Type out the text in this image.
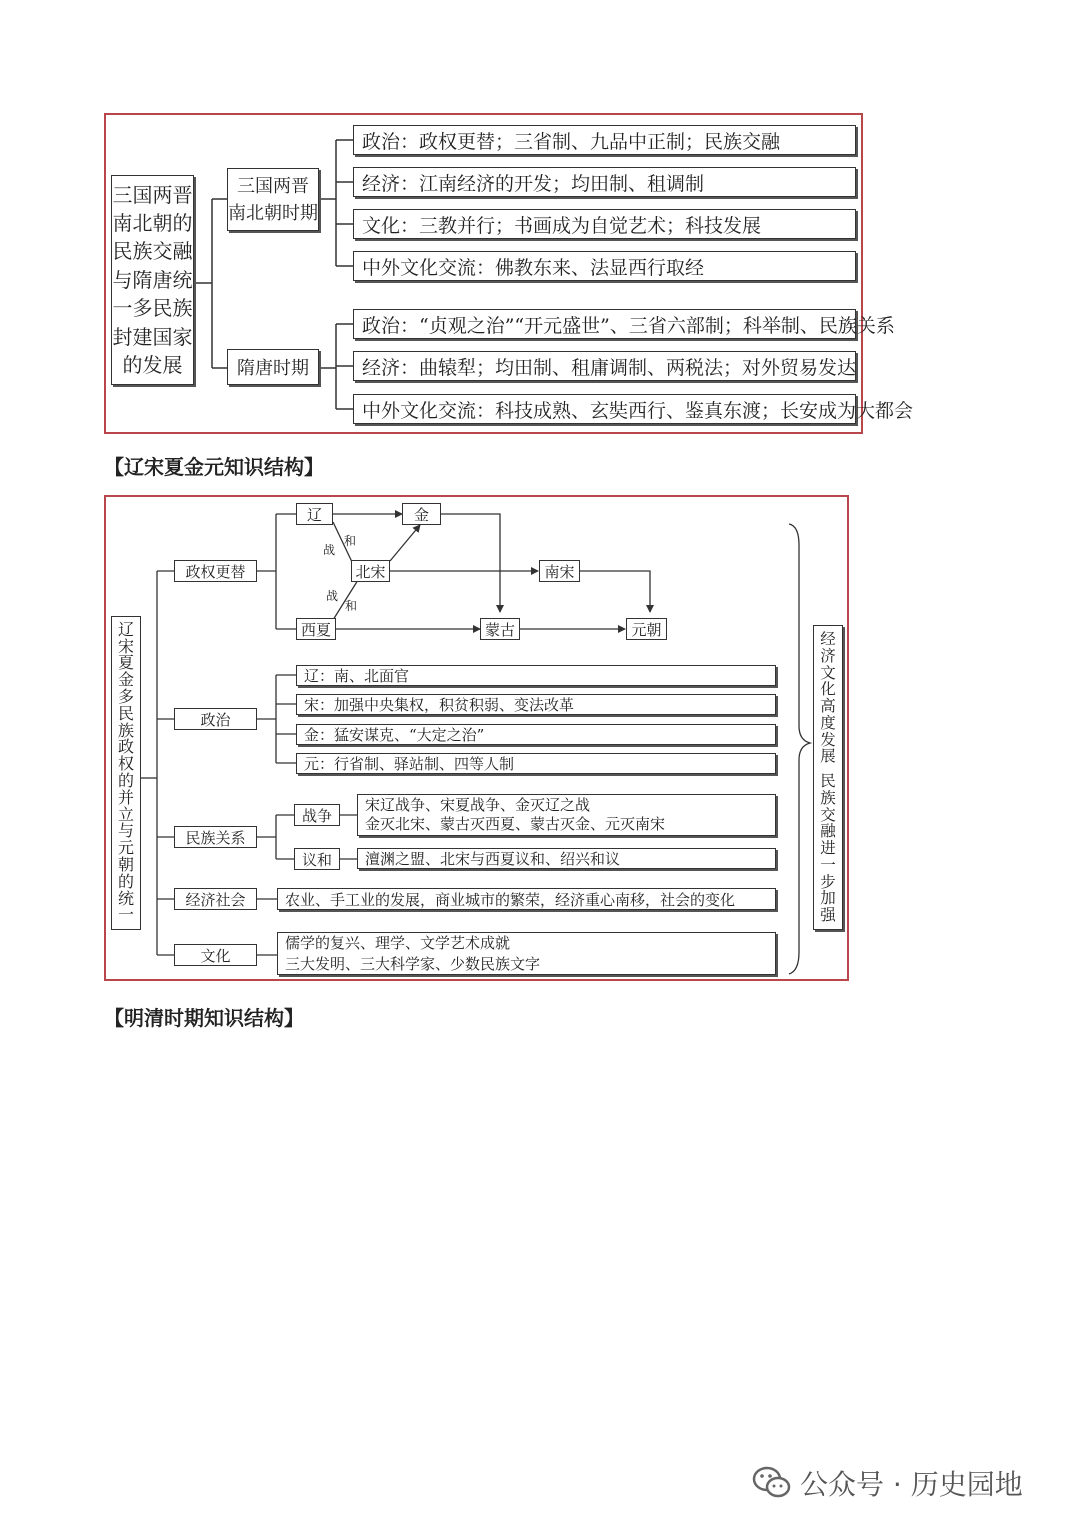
三国两晋
南北朝的
民族交融
与隋唐统
一多民族
封建国家
的发展
三国两晋
南北朝时期
隋唐时期
政治：政权更替；三省制、九品中正制；民族交融
经济：江南经济的开发；均田制、租调制
文化：三教并行；书画成为自觉艺术；科技发展
中外文化交流：佛教东来、法显西行取经
政治：“贞观之治”“开元盛世”、三省六部制；科举制、民族关系
经济：曲辕犁；均田制、租庸调制、两税法；对外贸易发达
中外文化交流：科技成熟、玄奘西行、鉴真东渡；长安成为大都会
【辽宋夏金元知识结构】
辽
宋
夏
金
多
民
族
政
权
的
并
立
与
元
朝
的
统
一
政权更替
政治
民族关系
经济社会
文化
辽	金
北宋	南宋
西夏	蒙古	元朝
战
和
战
和
辽：南、北面官
宋：加强中央集权，积贫积弱、变法改革
金：猛安谋克、“大定之治”
元：行省制、驿站制、四等人制
战争
宋辽战争、宋夏战争、金灭辽之战
金灭北宋、蒙古灭西夏、蒙古灭金、元灭南宋
议和	澶渊之盟、北宋与西夏议和、绍兴和议
农业、手工业的发展，商业城市的繁荣，经济重心南移，社会的变化
儒学的复兴、理学、文学艺术成就
三大发明、三大科学家、少数民族文字
经
济
文
化
高
度
发
展
民
族
交
融
进
一
步
加
强
【明清时期知识结构】
公众号 · 历史园地
